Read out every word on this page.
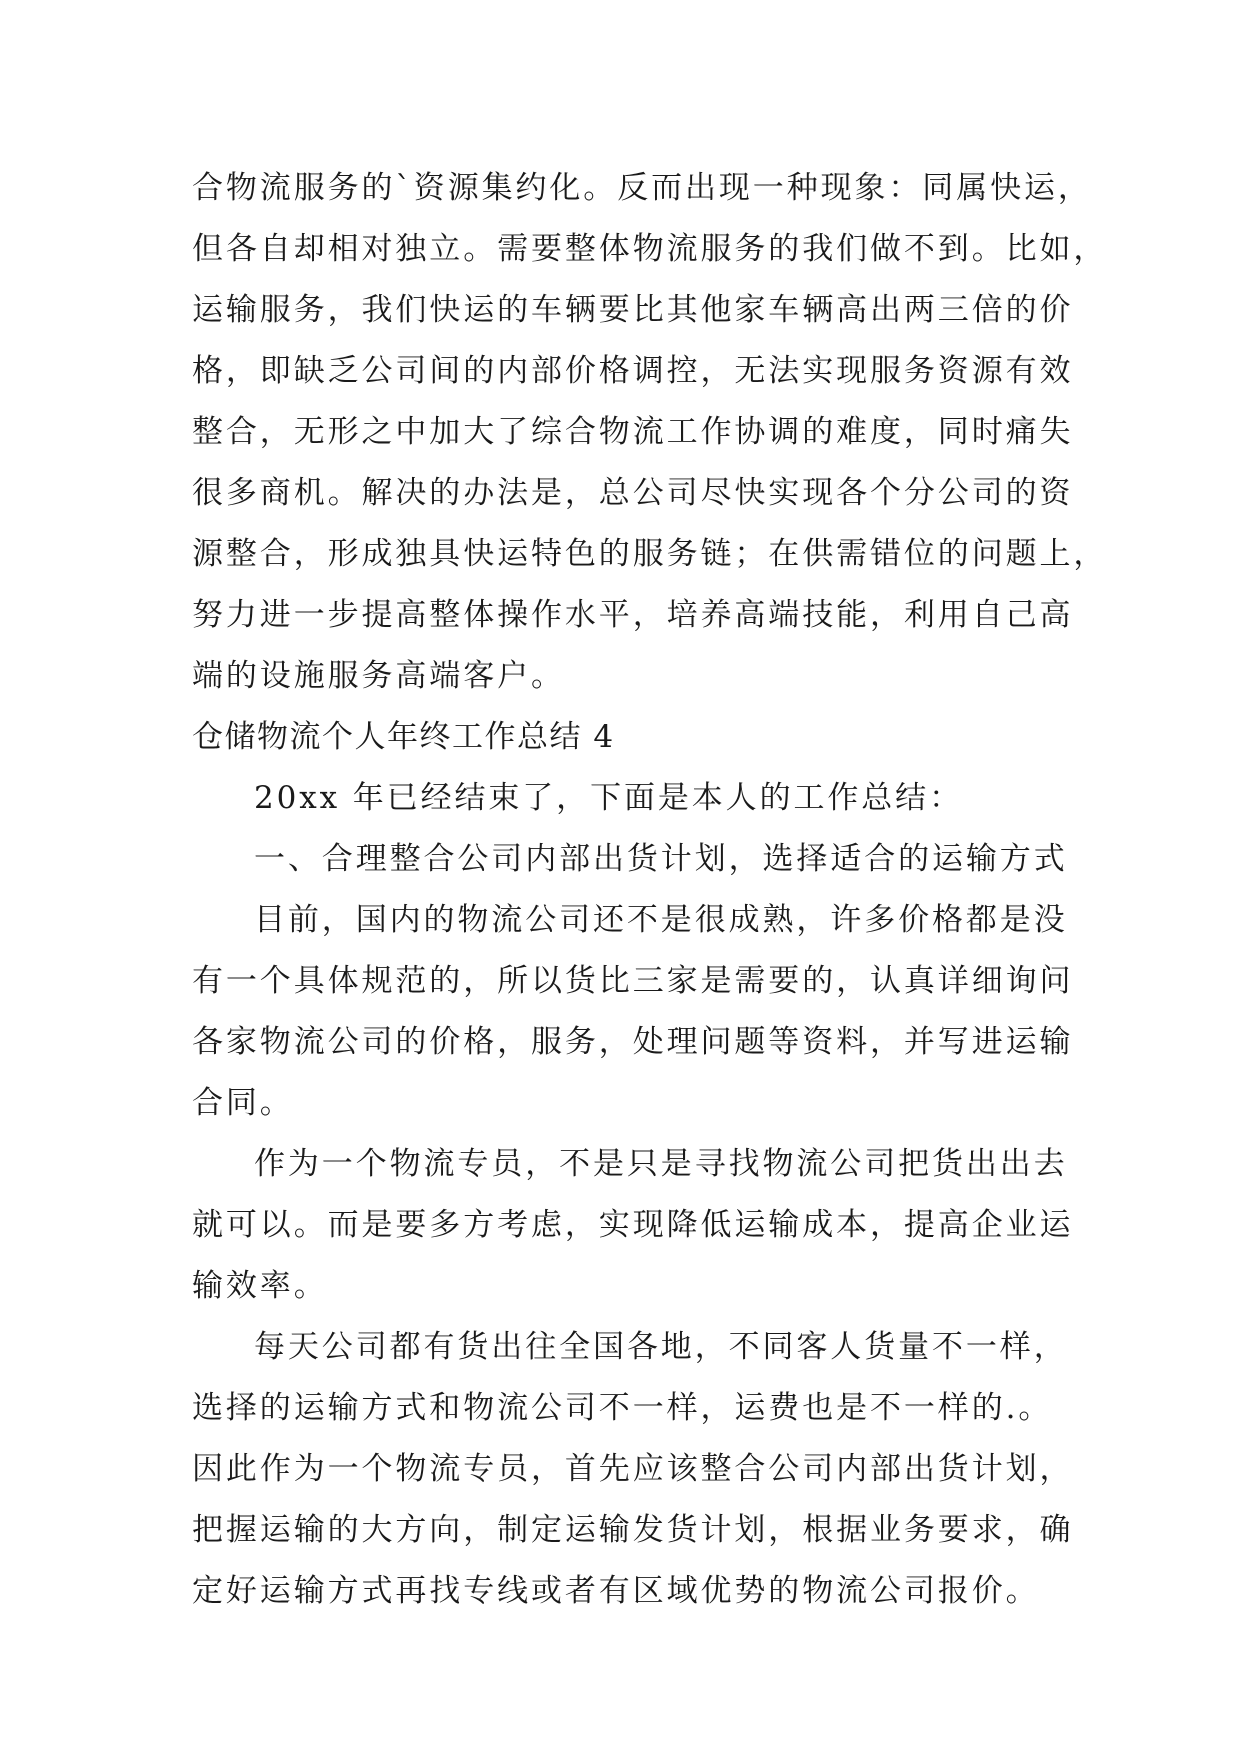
合物流服务的`资源集约化。反而出现一种现象：同属快运，
但各自却相对独立。需要整体物流服务的我们做不到。比如，
运输服务，我们快运的车辆要比其他家车辆高出两三倍的价
格，即缺乏公司间的内部价格调控，无法实现服务资源有效
整合，无形之中加大了综合物流工作协调的难度，同时痛失
很多商机。解决的办法是，总公司尽快实现各个分公司的资
源整合，形成独具快运特色的服务链；在供需错位的问题上，
努力进一步提高整体操作水平，培养高端技能，利用自己高
端的设施服务高端客户。
仓储物流个人年终工作总结 4
20xx 年已经结束了，下面是本人的工作总结：
一、合理整合公司内部出货计划，选择适合的运输方式
目前，国内的物流公司还不是很成熟，许多价格都是没
有一个具体规范的，所以货比三家是需要的，认真详细询问
各家物流公司的价格，服务，处理问题等资料，并写进运输
合同。
作为一个物流专员，不是只是寻找物流公司把货出出去
就可以。而是要多方考虑，实现降低运输成本，提高企业运
输效率。
每天公司都有货出往全国各地，不同客人货量不一样，
选择的运输方式和物流公司不一样，运费也是不一样的.。
因此作为一个物流专员，首先应该整合公司内部出货计划，
把握运输的大方向，制定运输发货计划，根据业务要求，确
定好运输方式再找专线或者有区域优势的物流公司报价。
